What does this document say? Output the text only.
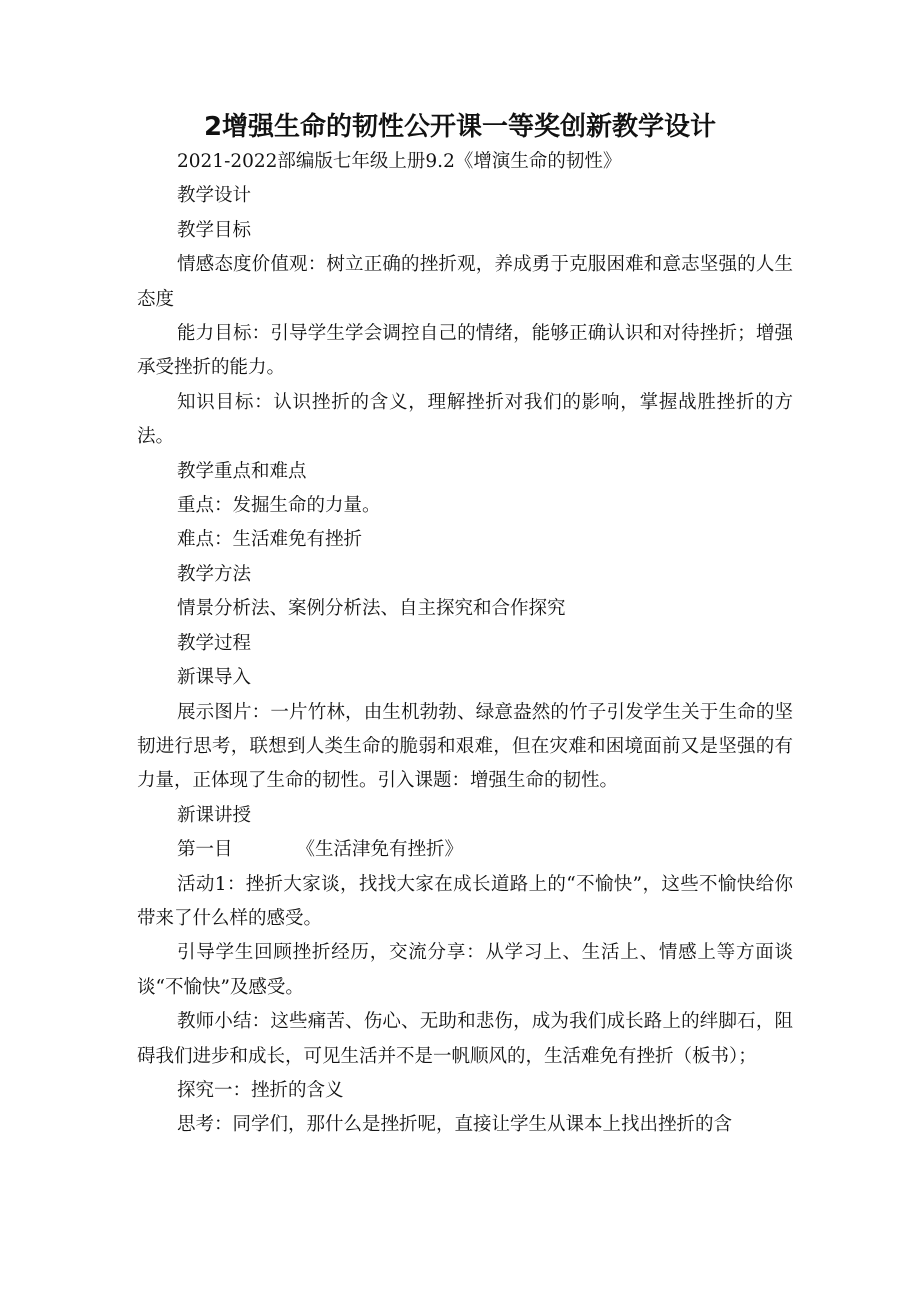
2增强生命的韧性公开课一等奖创新教学设计

2021-2022部编版七年级上册9.2《增演生命的韧性》

教学设计

教学目标

情感态度价值观：树立正确的挫折观，养成勇于克服困难和意志坚强的人生态度

能力目标：引导学生学会调控自己的情绪，能够正确认识和对待挫折；增强承受挫折的能力。

知识目标：认识挫折的含义，理解挫折对我们的影响，掌握战胜挫折的方法。

教学重点和难点

重点：发掘生命的力量。

难点：生活难免有挫折

教学方法

情景分析法、案例分析法、自主探究和合作探究

教学过程

新课导入

展示图片：一片竹林，由生机勃勃、绿意盎然的竹子引发学生关于生命的坚韧进行思考，联想到人类生命的脆弱和艰难，但在灾难和困境面前又是坚强的有力量，正体现了生命的韧性。引入课题：增强生命的韧性。

新课讲授

第一目	《生活津免有挫折》

活动1：挫折大家谈，找找大家在成长道路上的“不愉快”，这些不愉快给你带来了什么样的感受。

引导学生回顾挫折经历，交流分享：从学习上、生活上、情感上等方面谈谈“不愉快”及感受。

教师小结：这些痛苦、伤心、无助和悲伤，成为我们成长路上的绊脚石，阻碍我们进步和成长，可见生活并不是一帆顺风的，生活难免有挫折（板书）；

探究一：挫折的含义

思考：同学们，那什么是挫折呢，直接让学生从课本上找出挫折的含
